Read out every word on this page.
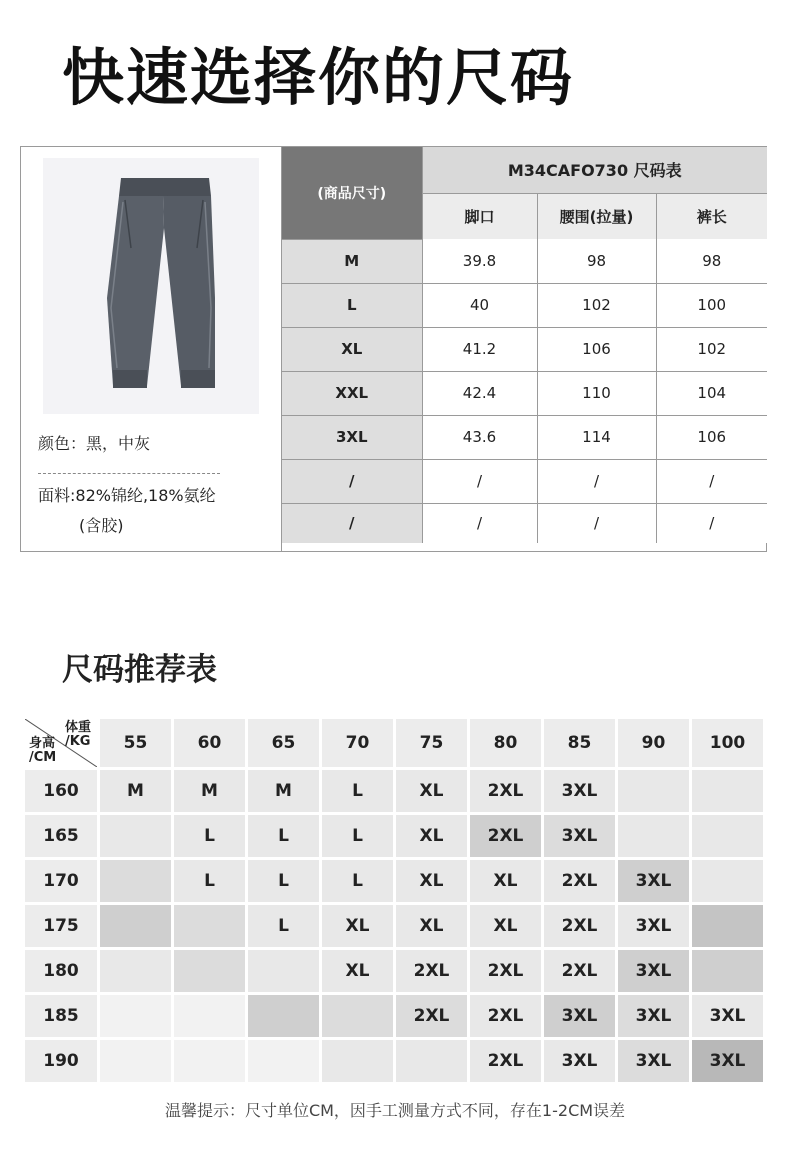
快速选择你的尺码
颜色：黑，中灰
面料:82%锦纶,18%氨纶
(含胶)
(商品尺寸)	M34CAFO730 尺码表		
	脚口	腰围(拉量)	裤长
M	39.8	98	98
L	40	102	100
XL	41.2	106	102
XXL	42.4	110	104
3XL	43.6	114	106
/	/	/	/
/	/	/	/
尺码推荐表
体重
/KG
身高
/CM	55	60	65	70	75	80	85	90	100
160	M	M	M	L	XL	2XL	3XL		
165		L	L	L	XL	2XL	3XL		
170		L	L	L	XL	XL	2XL	3XL	
175			L	XL	XL	XL	2XL	3XL	
180				XL	2XL	2XL	2XL	3XL	
185					2XL	2XL	3XL	3XL	3XL
190						2XL	3XL	3XL	3XL
温馨提示：尺寸单位CM，因手工测量方式不同，存在1-2CM误差
